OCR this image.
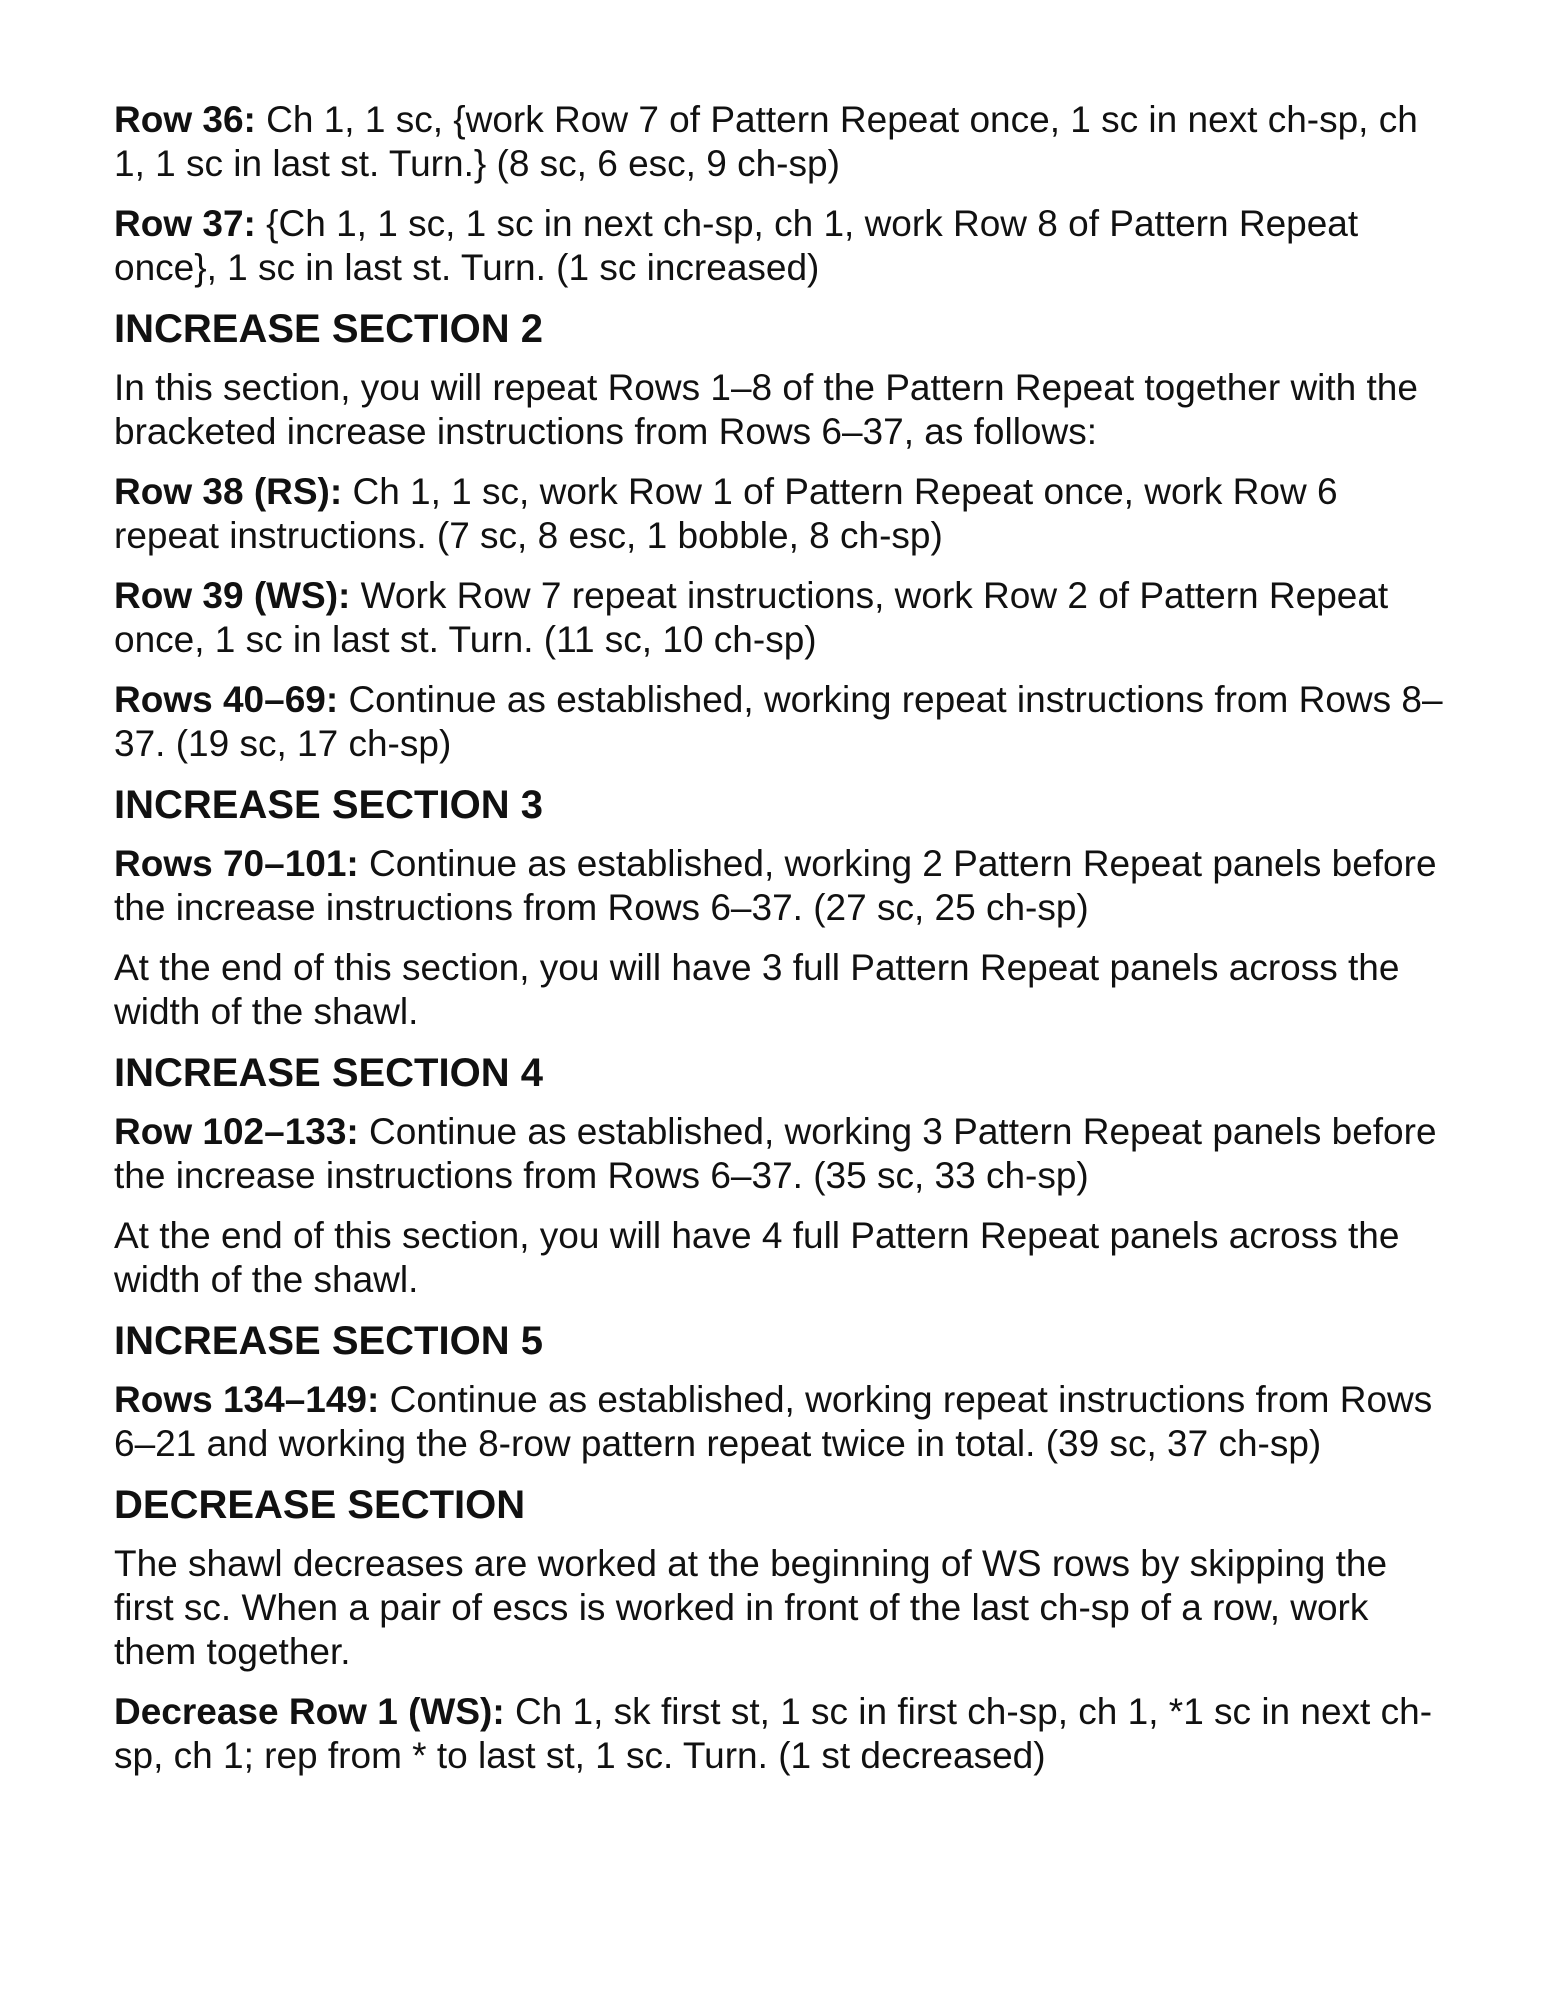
Row 36: Ch 1, 1 sc, {work Row 7 of Pattern Repeat once, 1 sc in next ch-sp, ch 1, 1 sc in last st. Turn.} (8 sc, 6 esc, 9 ch-sp)

Row 37: {Ch 1, 1 sc, 1 sc in next ch-sp, ch 1, work Row 8 of Pattern Repeat once}, 1 sc in last st. Turn. (1 sc increased)

INCREASE SECTION 2

In this section, you will repeat Rows 1–8 of the Pattern Repeat together with the bracketed increase instructions from Rows 6–37, as follows:

Row 38 (RS): Ch 1, 1 sc, work Row 1 of Pattern Repeat once, work Row 6 repeat instructions. (7 sc, 8 esc, 1 bobble, 8 ch-sp)

Row 39 (WS): Work Row 7 repeat instructions, work Row 2 of Pattern Repeat once, 1 sc in last st. Turn. (11 sc, 10 ch-sp)

Rows 40–69: Continue as established, working repeat instructions from Rows 8–37. (19 sc, 17 ch-sp)

INCREASE SECTION 3

Rows 70–101: Continue as established, working 2 Pattern Repeat panels before the increase instructions from Rows 6–37. (27 sc, 25 ch-sp)

At the end of this section, you will have 3 full Pattern Repeat panels across the width of the shawl.

INCREASE SECTION 4

Row 102–133: Continue as established, working 3 Pattern Repeat panels before the increase instructions from Rows 6–37. (35 sc, 33 ch-sp)

At the end of this section, you will have 4 full Pattern Repeat panels across the width of the shawl.

INCREASE SECTION 5

Rows 134–149: Continue as established, working repeat instructions from Rows 6–21 and working the 8-row pattern repeat twice in total. (39 sc, 37 ch-sp)

DECREASE SECTION

The shawl decreases are worked at the beginning of WS rows by skipping the first sc. When a pair of escs is worked in front of the last ch-sp of a row, work them together.

Decrease Row 1 (WS): Ch 1, sk first st, 1 sc in first ch-sp, ch 1, *1 sc in next ch-sp, ch 1; rep from * to last st, 1 sc. Turn. (1 st decreased)
